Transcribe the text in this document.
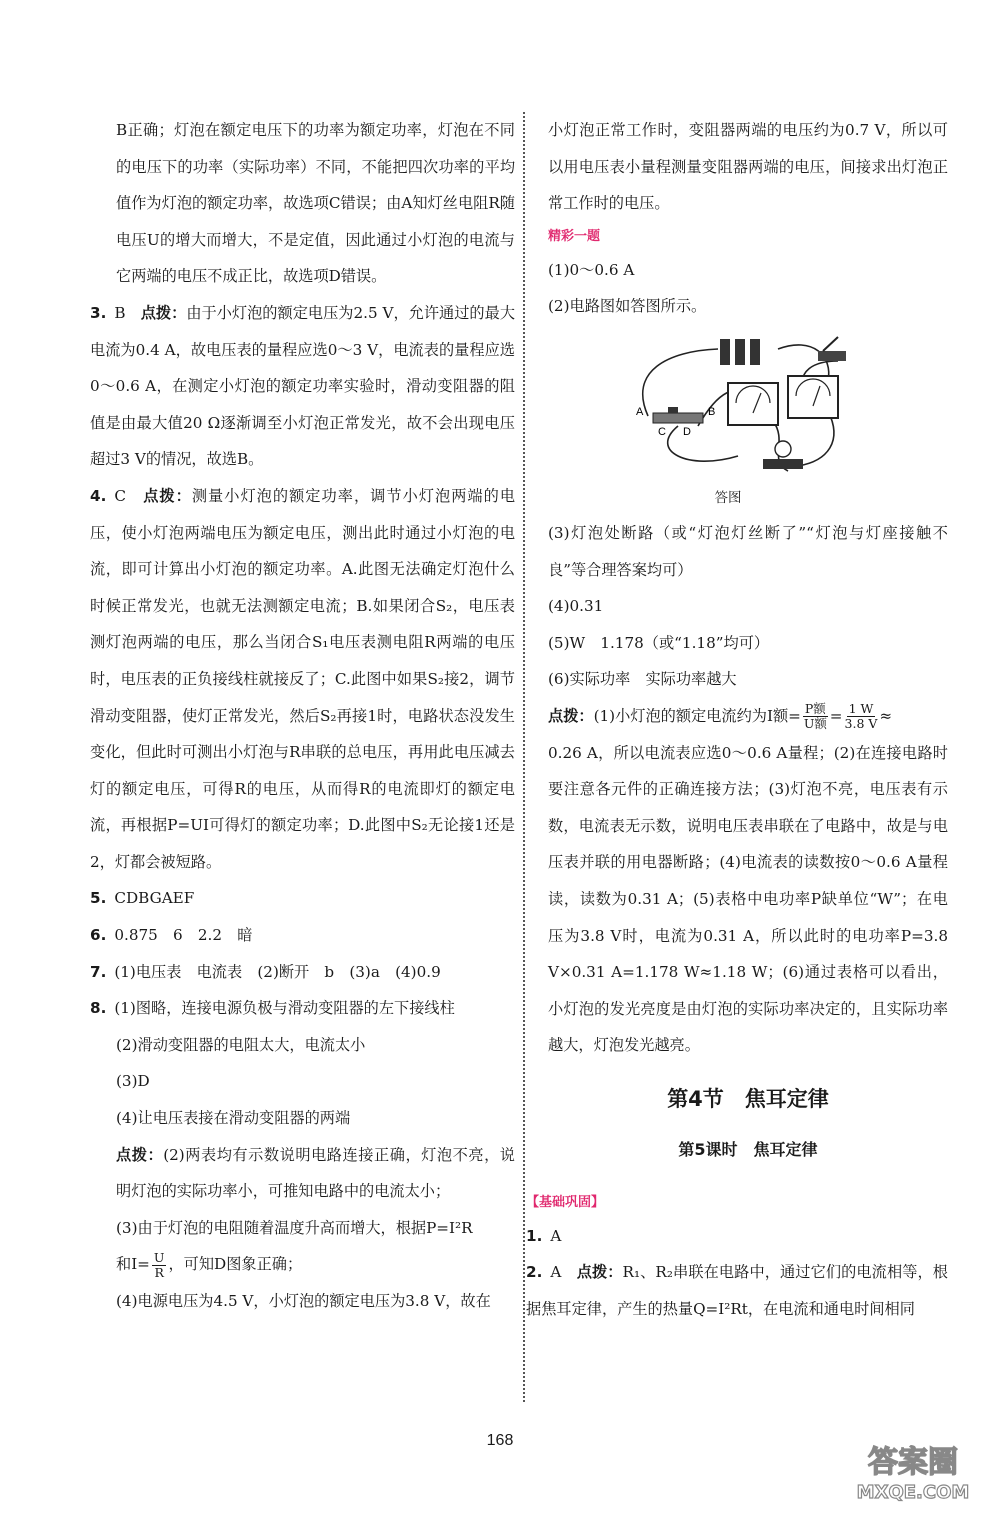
B正确；灯泡在额定电压下的功率为额定功率，灯泡在不同的电压下的功率（实际功率）不同，不能把四次功率的平均值作为灯泡的额定功率，故选项C错误；由A知灯丝电阻R随电压U的增大而增大，不是定值，因此通过小灯泡的电流与它两端的电压不成正比，故选项D错误。

3. B　 点拨：由于小灯泡的额定电压为2.5 V，允许通过的最大电流为0.4 A，故电压表的量程应选0～3 V，电流表的量程应选0～0.6 A，在测定小灯泡的额定功率实验时，滑动变阻器的阻值是由最大值20 Ω逐渐调至小灯泡正常发光，故不会出现电压超过3 V的情况，故选B。

4. C　 点拨：测量小灯泡的额定功率，调节小灯泡两端的电压，使小灯泡两端电压为额定电压，测出此时通过小灯泡的电流，即可计算出小灯泡的额定功率。A.此图无法确定灯泡什么时候正常发光，也就无法测额定电流；B.如果闭合S₂，电压表测灯泡两端的电压，那么当闭合S₁电压表测电阻R两端的电压时，电压表的正负接线柱就接反了；C.此图中如果S₂接2，调节滑动变阻器，使灯正常发光，然后S₂再接1时，电路状态没发生变化，但此时可测出小灯泡与R串联的总电压，再用此电压减去灯的额定电压，可得R的电压，从而得R的电流即灯的额定电流，再根据P=UI可得灯的额定功率；D.此图中S₂无论接1还是2，灯都会被短路。

5. CDBGAEF

6. 0.875　6　2.2　暗

7. (1)电压表　电流表　(2)断开　b　(3)a　(4)0.9

8. (1)图略，连接电源负极与滑动变阻器的左下接线柱

(2)滑动变阻器的电阻太大，电流太小

(3)D

(4)让电压表接在滑动变阻器的两端

点拨：(2)两表均有示数说明电路连接正确，灯泡不亮，说明灯泡的实际功率小，可推知电路中的电流太小；

(3)由于灯泡的电阻随着温度升高而增大，根据P=I²R

和$I= \frac{U}{R}$ ，可知D图象正确；

(4)电源电压为4.5 V，小灯泡的额定电压为3.8 V，故在

小灯泡正常工作时，变阻器两端的电压约为0.7 V，所以可以用电压表小量程测量变阻器两端的电压，间接求出灯泡正常工作时的电压。

精彩一题

(1)0～0.6 A

(2)电路图如答图所示。

A	B
C D
答图

(3)灯泡处断路（或“灯泡灯丝断了”“灯泡与灯座接触不良”等合理答案均可）

(4)0.31

(5)W　1.178（或“1.18”均可）

(6)实际功率　实际功率越大

点拨：(1)小灯泡的额定电流约为I额= $\frac{\text{P额}}{\text{U额}} = \frac{1 W}{3.8 V}$ ≈

0.26 A，所以电流表应选0～0.6 A量程；(2)在连接电路时要注意各元件的正确连接方法；(3)灯泡不亮，电压表有示数，电流表无示数，说明电压表串联在了电路中，故是与电压表并联的用电器断路；(4)电流表的读数按0～0.6 A量程读，读数为0.31 A；(5)表格中电功率P缺单位“W”；在电压为3.8 V时，电流为0.31 A，所以此时的电功率P=3.8 V×0.31 A=1.178 W≈1.18 W；(6)通过表格可以看出，小灯泡的发光亮度是由灯泡的实际功率决定的，且实际功率越大，灯泡发光越亮。

第4节　焦耳定律
第5课时　焦耳定律
【基础巩固】

1. A

2. A　 点拨：R₁、R₂串联在电路中，通过它们的电流相等，根据焦耳定律，产生的热量Q=I²Rt，在电流和通电时间相同

168
答案圈
MXQE.COM
